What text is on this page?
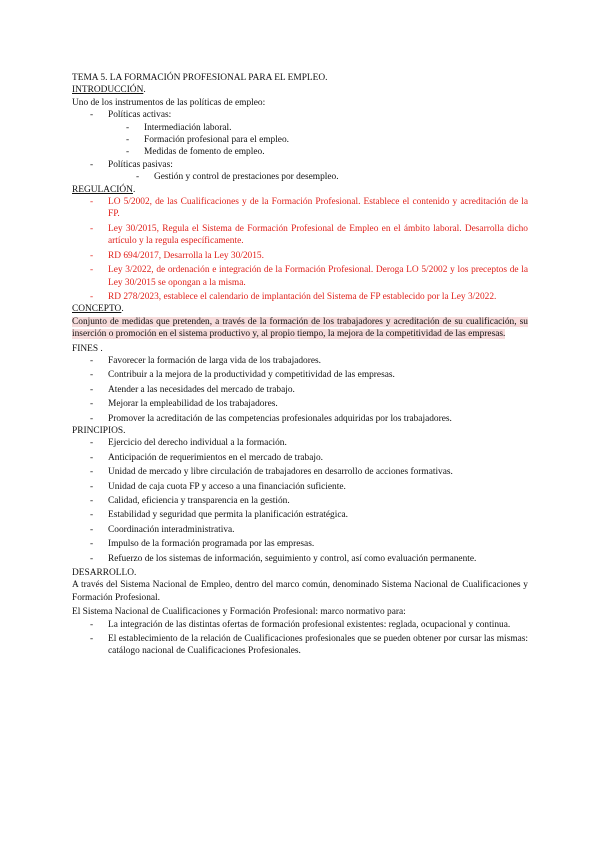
TEMA 5. LA FORMACIÓN PROFESIONAL PARA EL EMPLEO.
INTRODUCCIÓN.
Uno de los instrumentos de las políticas de empleo:
- Políticas activas:
- Intermediación laboral.
- Formación profesional para el empleo.
- Medidas de fomento de empleo.
- Políticas pasivas:
- Gestión y control de prestaciones por desempleo.
REGULACIÓN.
- LO 5/2002, de las Cualificaciones y de la Formación Profesional. Establece el contenido y acreditación de la FP.
- Ley 30/2015, Regula el Sistema de Formación Profesional de Empleo en el ámbito laboral. Desarrolla dicho artículo y la regula específicamente.
- RD 694/2017, Desarrolla la Ley 30/2015.
- Ley 3/2022, de ordenación e integración de la Formación Profesional. Deroga LO 5/2002 y los preceptos de la Ley 30/2015 se opongan a la misma.
- RD 278/2023, establece el calendario de implantación del Sistema de FP establecido por la Ley 3/2022.
CONCEPTO.
Conjunto de medidas que pretenden, a través de la formación de los trabajadores y acreditación de su cualificación, su inserción o promoción en el sistema productivo y, al propio tiempo, la mejora de la competitividad de las empresas.
FINES .
- Favorecer la formación de larga vida de los trabajadores.
- Contribuir a la mejora de la productividad y competitividad de las empresas.
- Atender a las necesidades del mercado de trabajo.
- Mejorar la empleabilidad de los trabajadores.
- Promover la acreditación de las competencias profesionales adquiridas por los trabajadores.
PRINCIPIOS.
- Ejercicio del derecho individual a la formación.
- Anticipación de requerimientos en el mercado de trabajo.
- Unidad de mercado y libre circulación de trabajadores en desarrollo de acciones formativas.
- Unidad de caja cuota FP y acceso a una financiación suficiente.
- Calidad, eficiencia y transparencia en la gestión.
- Estabilidad y seguridad que permita la planificación estratégica.
- Coordinación interadministrativa.
- Impulso de la formación programada por las empresas.
- Refuerzo de los sistemas de información, seguimiento y control, así como evaluación permanente.
DESARROLLO.
A través del Sistema Nacional de Empleo, dentro del marco común, denominado Sistema Nacional de Cualificaciones y Formación Profesional.
El Sistema Nacional de Cualificaciones y Formación Profesional: marco normativo para:
- La integración de las distintas ofertas de formación profesional existentes: reglada, ocupacional y continua.
- El establecimiento de la relación de Cualificaciones profesionales que se pueden obtener por cursar las mismas: catálogo nacional de Cualificaciones Profesionales.
